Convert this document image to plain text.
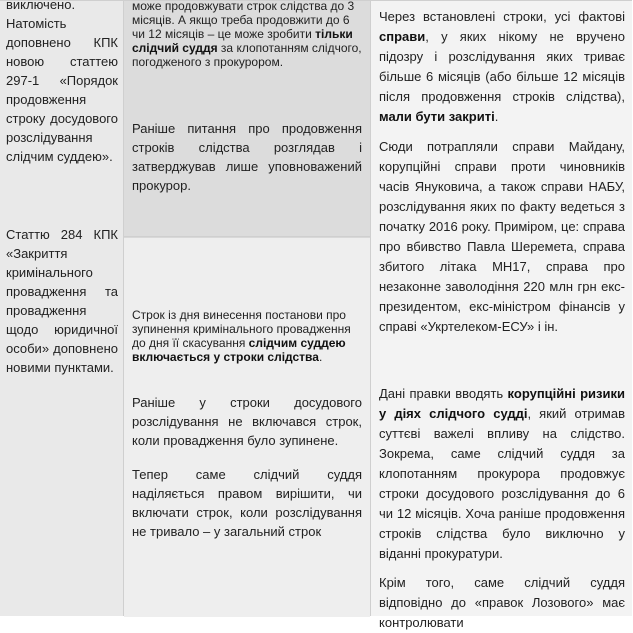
виключено. Натомість доповнено КПК новою статтею 297-1 «Порядок продовження строку досудового розслідування слідчим суддею».

Статтю 284 КПК «Закриття кримінального провадження та провадження щодо юридичної особи» доповнено новими пунктами.

може продовжувати строк слідства до 3 місяців. А якщо треба продовжити до 6 чи 12 місяців – це може зробити тільки слідчий суддя за клопотанням слідчого, погодженого з прокурором.

Раніше питання про продовження строків слідства розглядав і затверджував лише уповноважений прокурор.

Строк із дня винесення постанови про зупинення кримінального провадження до дня її скасування слідчим суддею включається у строки слідства.

Раніше у строки досудового розслідування не включався строк, коли провадження було зупинене.

Тепер саме слідчий суддя наділяється правом вирішити, чи включати строк, коли розслідування не тривало – у загальний строк

Через встановлені строки, усі фактові справи, у яких нікому не вручено підозру і розслідування яких триває більше 6 місяців (або більше 12 місяців після продовження строків слідства), мали бути закриті.

Сюди потрапляли справи Майдану, корупційні справи проти чиновників часів Януковича, а також справи НАБУ, розслідування яких по факту ведеться з початку 2016 року. Приміром, це: справа про вбивство Павла Шеремета, справа збитого літака МН17, справа про незаконне заволодіння 220 млн грн екс-президентом, екс-міністром фінансів у справі «Укртелеком-ЕСУ» і ін.

Дані правки вводять корупційні ризики у діях слідчого судді, який отримав суттєві важелі впливу на слідство. Зокрема, саме слідчий суддя за клопотанням прокурора продовжує строки досудового розслідування до 6 чи 12 місяців. Хоча раніше продовження строків слідства було виключно у віданні прокуратури.

Крім того, саме слідчий суддя відповідно до «правок Лозового» має контролювати
